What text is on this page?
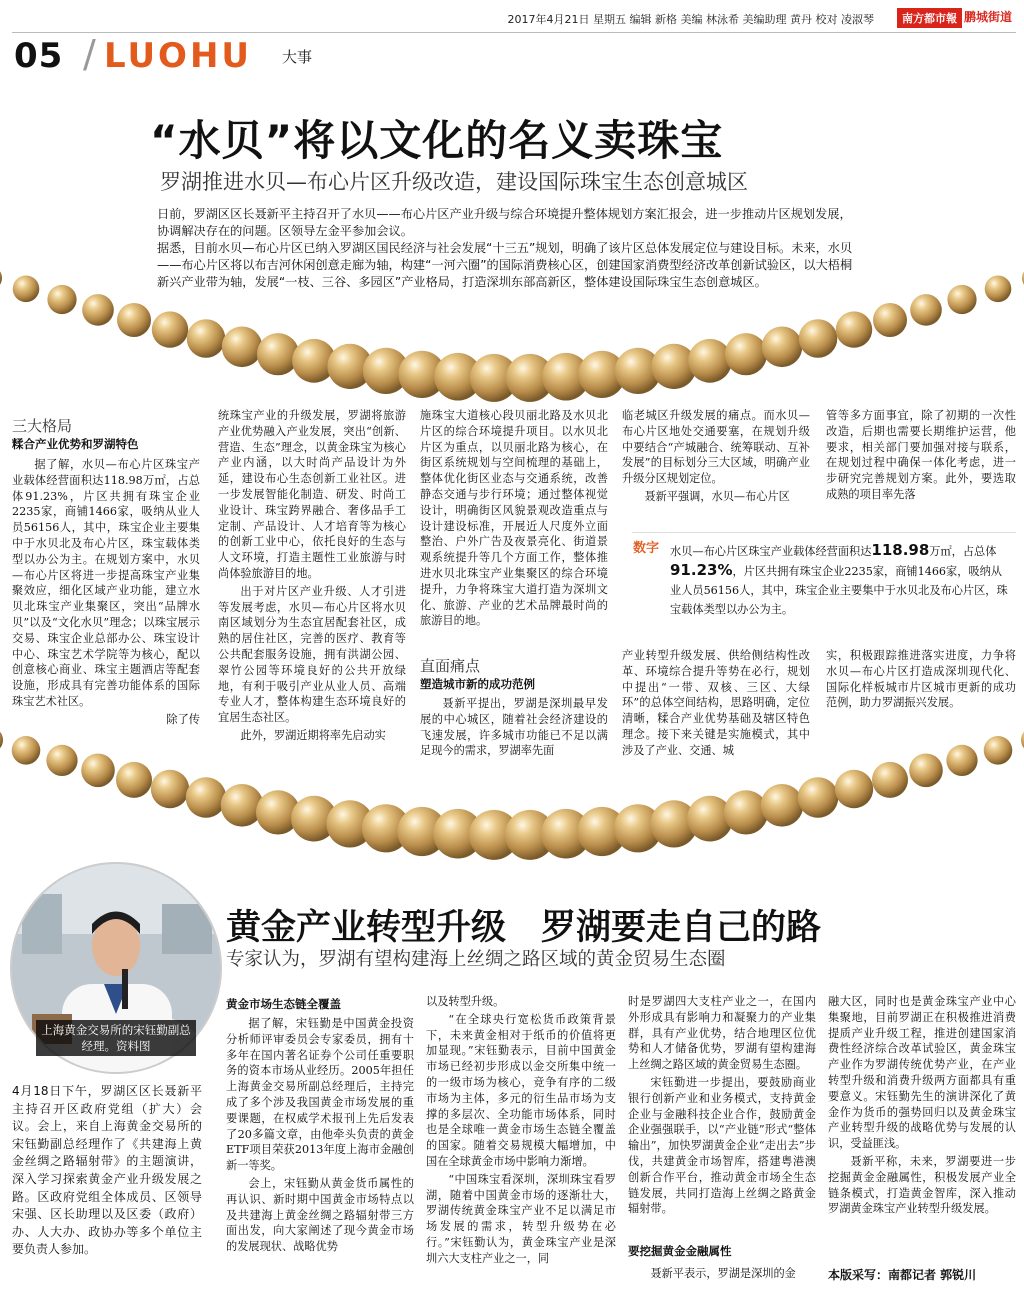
2017年4月21日 星期五 编辑 新格 美编 林泳希 美编助理 黄丹 校对 凌淑琴	南方都市報 鹏城街道
05 / LUOHU 大事
“水贝”将以文化的名义卖珠宝
罗湖推进水贝—布心片区升级改造，建设国际珠宝生态创意城区

日前，罗湖区区长聂新平主持召开了水贝——布心片区产业升级与综合环境提升整体规划方案汇报会，进一步推动片区规划发展，协调解决存在的问题。区领导左金平参加会议。

据悉，目前水贝—布心片区已纳入罗湖区国民经济与社会发展“十三五”规划，明确了该片区总体发展定位与建设目标。未来，水贝——布心片区将以布吉河休闲创意走廊为轴，构建“一河六圈”的国际消费核心区，创建国家消费型经济改革创新试验区，以大梧桐新兴产业带为轴，发展“一枝、三谷、多园区”产业格局，打造深圳东部高新区，整体建设国际珠宝生态创意城区。

三大格局
糅合产业优势和罗湖特色

据了解，水贝—布心片区珠宝产业载体经营面积达118.98万㎡，占总体91.23%，片区共拥有珠宝企业2235家，商铺1466家，吸纳从业人员56156人，其中，珠宝企业主要集中于水贝北及布心片区，珠宝载体类型以办公为主。在规划方案中，水贝—布心片区将进一步提高珠宝产业集聚效应，细化区域产业功能，建立水贝北珠宝产业集聚区，突出“品牌水贝”以及“文化水贝”理念；以珠宝展示交易、珠宝企业总部办公、珠宝设计中心、珠宝艺术学院等为核心，配以创意核心商业、珠宝主题酒店等配套设施，形成具有完善功能体系的国际珠宝艺术社区。

除了传

统珠宝产业的升级发展，罗湖将旅游产业优势融入产业发展，突出“创新、营造、生态”理念，以黄金珠宝为核心产业内涵，以大时尚产品设计为外延，建设布心生态创新工业社区。进一步发展智能化制造、研发、时尚工业设计、珠宝跨界融合、奢侈品手工定制、产品设计、人才培育等为核心的创新工业中心，依托良好的生态与人文环境，打造主题性工业旅游与时尚体验旅游目的地。

出于对片区产业升级、人才引进等发展考虑，水贝—布心片区将水贝南区域划分为生态宜居配套社区，成熟的居住社区，完善的医疗、教育等公共配套服务设施，拥有洪湖公园、翠竹公园等环境良好的公共开放绿地，有利于吸引产业从业人员、高端专业人才，整体构建生态环境良好的宜居生态社区。

此外，罗湖近期将率先启动实

施珠宝大道核心段贝丽北路及水贝北片区的综合环境提升项目。以水贝北片区为重点，以贝丽北路为核心，在街区系统规划与空间梳理的基础上，整体优化街区业态与交通系统，改善静态交通与步行环境；通过整体视觉设计，明确街区风貌景观改造重点与设计建设标准，开展近人尺度外立面整治、户外广告及夜景亮化、街道景观系统提升等几个方面工作，整体推进水贝北珠宝产业集聚区的综合环境提升，力争将珠宝大道打造为深圳文化、旅游、产业的艺术品牌最时尚的旅游目的地。

直面痛点
塑造城市新的成功范例

聂新平提出，罗湖是深圳最早发展的中心城区，随着社会经济建设的飞速发展，许多城市功能已不足以满足现今的需求，罗湖率先面

临老城区升级发展的痛点。而水贝—布心片区地处交通要塞，在规划升级中要结合“产城融合、统筹联动、互补发展”的目标划分三大区域，明确产业升级分区规划定位。

聂新平强调，水贝—布心片区

管等多方面事宜，除了初期的一次性改造，后期也需要长期维护运营，他要求，相关部门要加强对接与联系，在规划过程中确保一体化考虑，进一步研究完善规划方案。此外，要选取成熟的项目率先落

数字 水贝—布心片区珠宝产业载体经营面积达118.98万㎡，占总体91.23%，片区共拥有珠宝企业2235家，商铺1466家，吸纳从业人员56156人，其中，珠宝企业主要集中于水贝北及布心片区，珠宝载体类型以办公为主。

产业转型升级发展、供给侧结构性改革、环境综合提升等势在必行，规划中提出“一带、双核、三区、大绿环”的总体空间结构，思路明确，定位清晰，糅合产业优势基础及辖区特色理念。接下来关键是实施模式，其中涉及了产业、交通、城

实，积极跟踪推进落实进度，力争将水贝—布心片区打造成深圳现代化、国际化样板城市片区城市更新的成功范例，助力罗湖振兴发展。

上海黄金交易所的宋钰勤副总经理。资料图
黄金产业转型升级　罗湖要走自己的路
专家认为，罗湖有望构建海上丝绸之路区域的黄金贸易生态圈
4月18日下午，罗湖区区长聂新平主持召开区政府党组（扩大）会议。会上，来自上海黄金交易所的宋钰勤副总经理作了《共建海上黄金丝绸之路辐射带》的主题演讲，深入学习探索黄金产业升级发展之路。区政府党组全体成员、区领导宋强、区长助理以及区委（政府）办、人大办、政协办等多个单位主要负责人参加。
黄金市场生态链全覆盖

据了解，宋钰勤是中国黄金投资分析师评审委员会专家委员，拥有十多年在国内著名证券个公司任重要职务的资本市场从业经历。2005年担任上海黄金交易所副总经理后，主持完成了多个涉及我国黄金市场发展的重要课题，在权威学术报刊上先后发表了20多篇文章，由他牵头负责的黄金ETF项目荣获2013年度上海市金融创新一等奖。

会上，宋钰勤从黄金货币属性的再认识、新时期中国黄金市场特点以及共建海上黄金丝绸之路辐射带三方面出发，向大家阐述了现今黄金市场的发展现状、战略优势

以及转型升级。

“在全球央行宽松货币政策背景下，未来黄金相对于纸币的价值将更加显现。”宋钰勤表示，目前中国黄金市场已经初步形成以金交所集中统一的一级市场为核心，竞争有序的二级市场为主体，多元的衍生品市场为支撑的多层次、全功能市场体系，同时也是全球唯一黄金市场生态链全覆盖的国家。随着交易规模大幅增加，中国在全球黄金市场中影响力渐增。

“中国珠宝看深圳，深圳珠宝看罗湖，随着中国黄金市场的逐渐壮大，罗湖传统黄金珠宝产业不足以满足市场发展的需求，转型升级势在必行。”宋钰勤认为，黄金珠宝产业是深圳六大支柱产业之一，同

时是罗湖四大支柱产业之一，在国内外形成具有影响力和凝聚力的产业集群，具有产业优势，结合地理区位优势和人才储备优势，罗湖有望构建海上丝绸之路区域的黄金贸易生态圈。

宋钰勤进一步提出，要鼓励商业银行创新产业和业务模式，支持黄金企业与金融科技企业合作，鼓励黄金企业强强联手，以“产业链”形式“整体输出”，加快罗湖黄金企业“走出去”步伐，共建黄金市场智库，搭建粤港澳创新合作平台，推动黄金市场全生态链发展，共同打造海上丝绸之路黄金辐射带。

要挖掘黄金金融属性

聂新平表示，罗湖是深圳的金

融大区，同时也是黄金珠宝产业中心集聚地，目前罗湖正在积极推进消费提质产业升级工程，推进创建国家消费性经济综合改革试验区，黄金珠宝产业作为罗湖传统优势产业，在产业转型升级和消费升级两方面都具有重要意义。宋钰勤先生的演讲深化了黄金作为货币的强势回归以及黄金珠宝产业转型升级的战略优势与发展的认识，受益匪浅。

聂新平称，未来，罗湖要进一步挖掘黄金金融属性，积极发展产业全链条模式，打造黄金智库，深入推动罗湖黄金珠宝产业转型升级发展。

本版采写：南都记者 郭锐川
